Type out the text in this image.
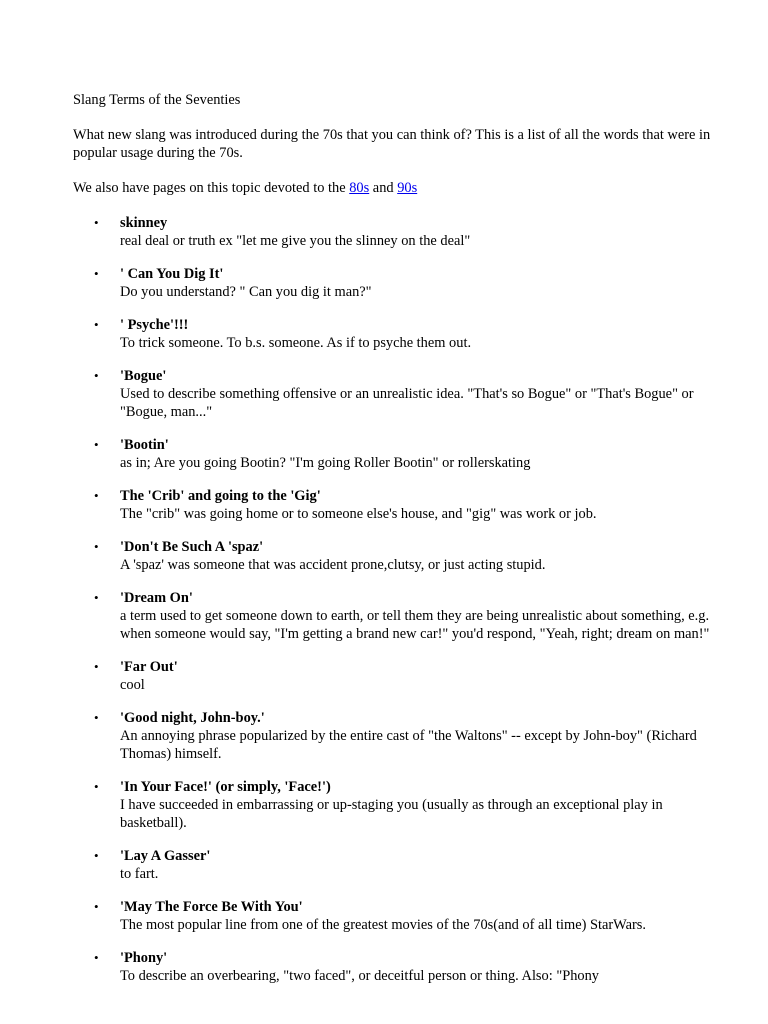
Slang Terms of the Seventies

What new slang was introduced during the 70s that you can think of? This is a list of all the words that were in popular usage during the 70s.

We also have pages on this topic devoted to the 80s and 90s

• skinney
real deal or truth ex "let me give you the slinney on the deal"
• ' Can You Dig It'
Do you understand? " Can you dig it man?"
• ' Psyche'!!!
To trick someone. To b.s. someone. As if to psyche them out.
• 'Bogue'
Used to describe something offensive or an unrealistic idea. "That's so Bogue" or "That's Bogue" or "Bogue, man..."
• 'Bootin'
as in; Are you going Bootin? "I'm going Roller Bootin" or rollerskating
• The 'Crib' and going to the 'Gig'
The "crib" was going home or to someone else's house, and "gig" was work or job.
• 'Don't Be Such A 'spaz'
A 'spaz' was someone that was accident prone,clutsy, or just acting stupid.
• 'Dream On'
a term used to get someone down to earth, or tell them they are being unrealistic about something, e.g. when someone would say, "I'm getting a brand new car!" you'd respond, "Yeah, right; dream on man!"
• 'Far Out'
cool
• 'Good night, John-boy.'
An annoying phrase popularized by the entire cast of "the Waltons" -- except by John-boy" (Richard Thomas) himself.
• 'In Your Face!' (or simply, 'Face!')
I have succeeded in embarrassing or up-staging you (usually as through an exceptional play in basketball).
• 'Lay A Gasser'
to fart.
• 'May The Force Be With You'
The most popular line from one of the greatest movies of the 70s(and of all time) StarWars.
• 'Phony'
To describe an overbearing, "two faced", or deceitful person or thing. Also: "Phony
